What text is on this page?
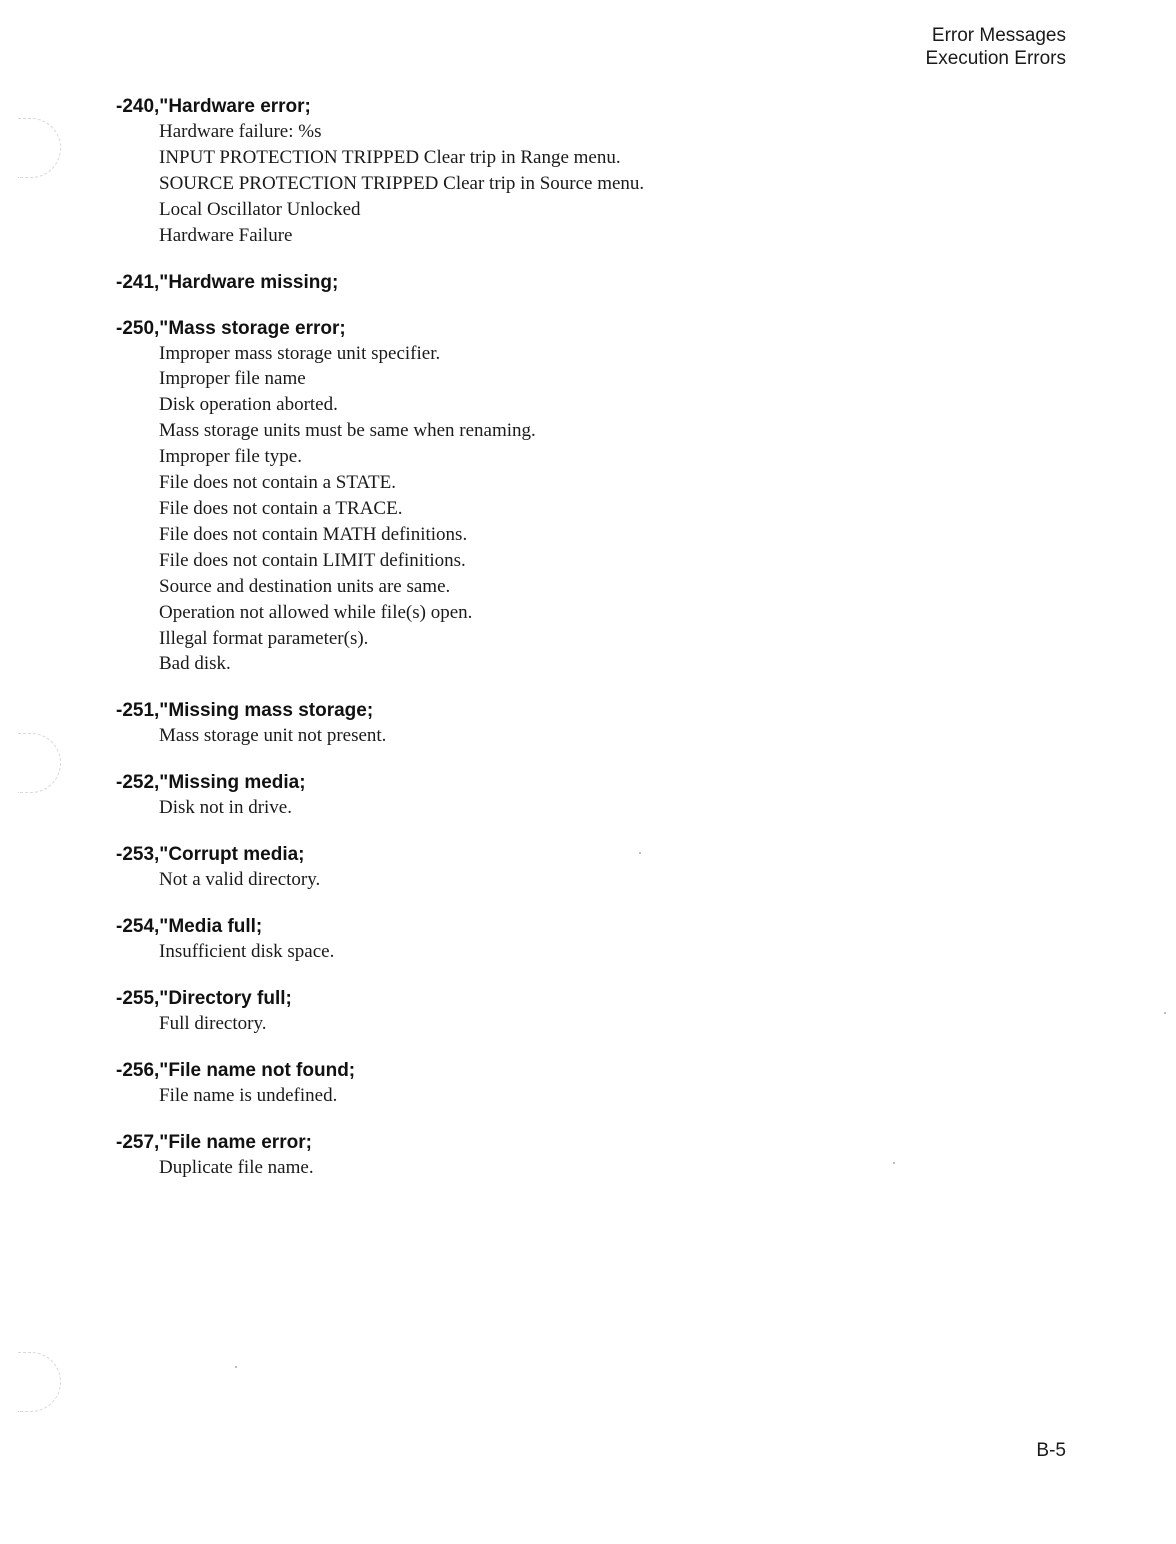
Error Messages
Execution Errors
-240,"Hardware error;
Hardware failure: %s
INPUT PROTECTION TRIPPED Clear trip in Range menu.
SOURCE PROTECTION TRIPPED Clear trip in Source menu.
Local Oscillator Unlocked
Hardware Failure
-241,"Hardware missing;
-250,"Mass storage error;
Improper mass storage unit specifier.
Improper file name
Disk operation aborted.
Mass storage units must be same when renaming.
Improper file type.
File does not contain a STATE.
File does not contain a TRACE.
File does not contain MATH definitions.
File does not contain LIMIT definitions.
Source and destination units are same.
Operation not allowed while file(s) open.
Illegal format parameter(s).
Bad disk.
-251,"Missing mass storage;
Mass storage unit not present.
-252,"Missing media;
Disk not in drive.
-253,"Corrupt media;
Not a valid directory.
-254,"Media full;
Insufficient disk space.
-255,"Directory full;
Full directory.
-256,"File name not found;
File name is undefined.
-257,"File name error;
Duplicate file name.
B-5
